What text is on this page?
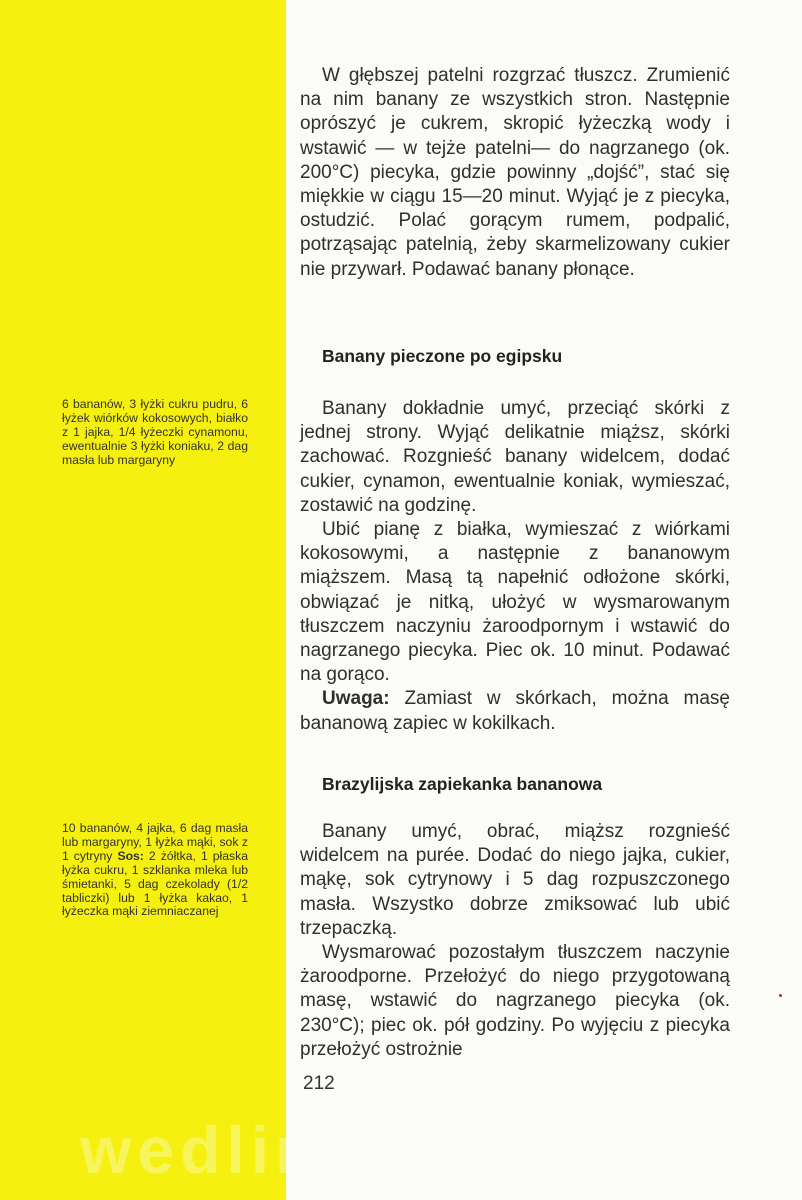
W głębszej patelni rozgrzać tłuszcz. Zrumienić na nim banany ze wszystkich stron. Następnie oprószyć je cukrem, skropić łyżeczką wody i wstawić — w tejże patelni— do nagrzanego (ok. 200°C) piecyka, gdzie powinny „dojść”, stać się miękkie w ciągu 15—20 minut. Wyjąć je z piecyka, ostudzić. Polać gorącym rumem, podpalić, potrząsając patelnią, żeby skarmelizowany cukier nie przywarł. Podawać banany płonące.

Banany pieczone po egipsku
6 bananów, 3 łyżki cukru pudru, 6 łyżek wiórków kokosowych, białko z 1 jajka, 1/4 łyżeczki cynamonu, ewentualnie 3 łyżki koniaku, 2 dag masła lub margaryny

Banany dokładnie umyć, przeciąć skórki z jednej strony. Wyjąć delikatnie miąższ, skórki zachować. Rozgnieść banany widelcem, dodać cukier, cynamon, ewentualnie koniak, wymieszać, zostawić na godzinę.

Ubić pianę z białka, wymieszać z wiórkami kokosowymi, a następnie z bananowym miąższem. Masą tą napełnić odłożone skórki, obwiązać je nitką, ułożyć w wysmarowanym tłuszczem naczyniu żaroodpornym i wstawić do nagrzanego piecyka. Piec ok. 10 minut. Podawać na gorąco.

Uwaga: Zamiast w skórkach, można masę bananową zapiec w kokilkach.

Brazylijska zapiekanka bananowa
10 bananów, 4 jajka, 6 dag masła lub margaryny, 1 łyżka mąki, sok z 1 cytryny Sos: 2 żółtka, 1 płaska łyżka cukru, 1 szklanka mleka lub śmietanki, 5 dag czekolady (1/2 tabliczki) lub 1 łyżka kakao, 1 łyżeczka mąki ziemniaczanej

Banany umyć, obrać, miąższ rozgnieść widelcem na purée. Dodać do niego jajka, cukier, mąkę, sok cytrynowy i 5 dag rozpuszczonego masła. Wszystko dobrze zmiksować lub ubić trzepaczką.

Wysmarować pozostałym tłuszczem naczynie żaroodporne. Przełożyć do niego przygotowaną masę, wstawić do nagrzanego piecyka (ok. 230°C); piec ok. pół godziny. Po wyjęciu z piecyka przełożyć ostrożnie

212
wedlinydomowe.pl
